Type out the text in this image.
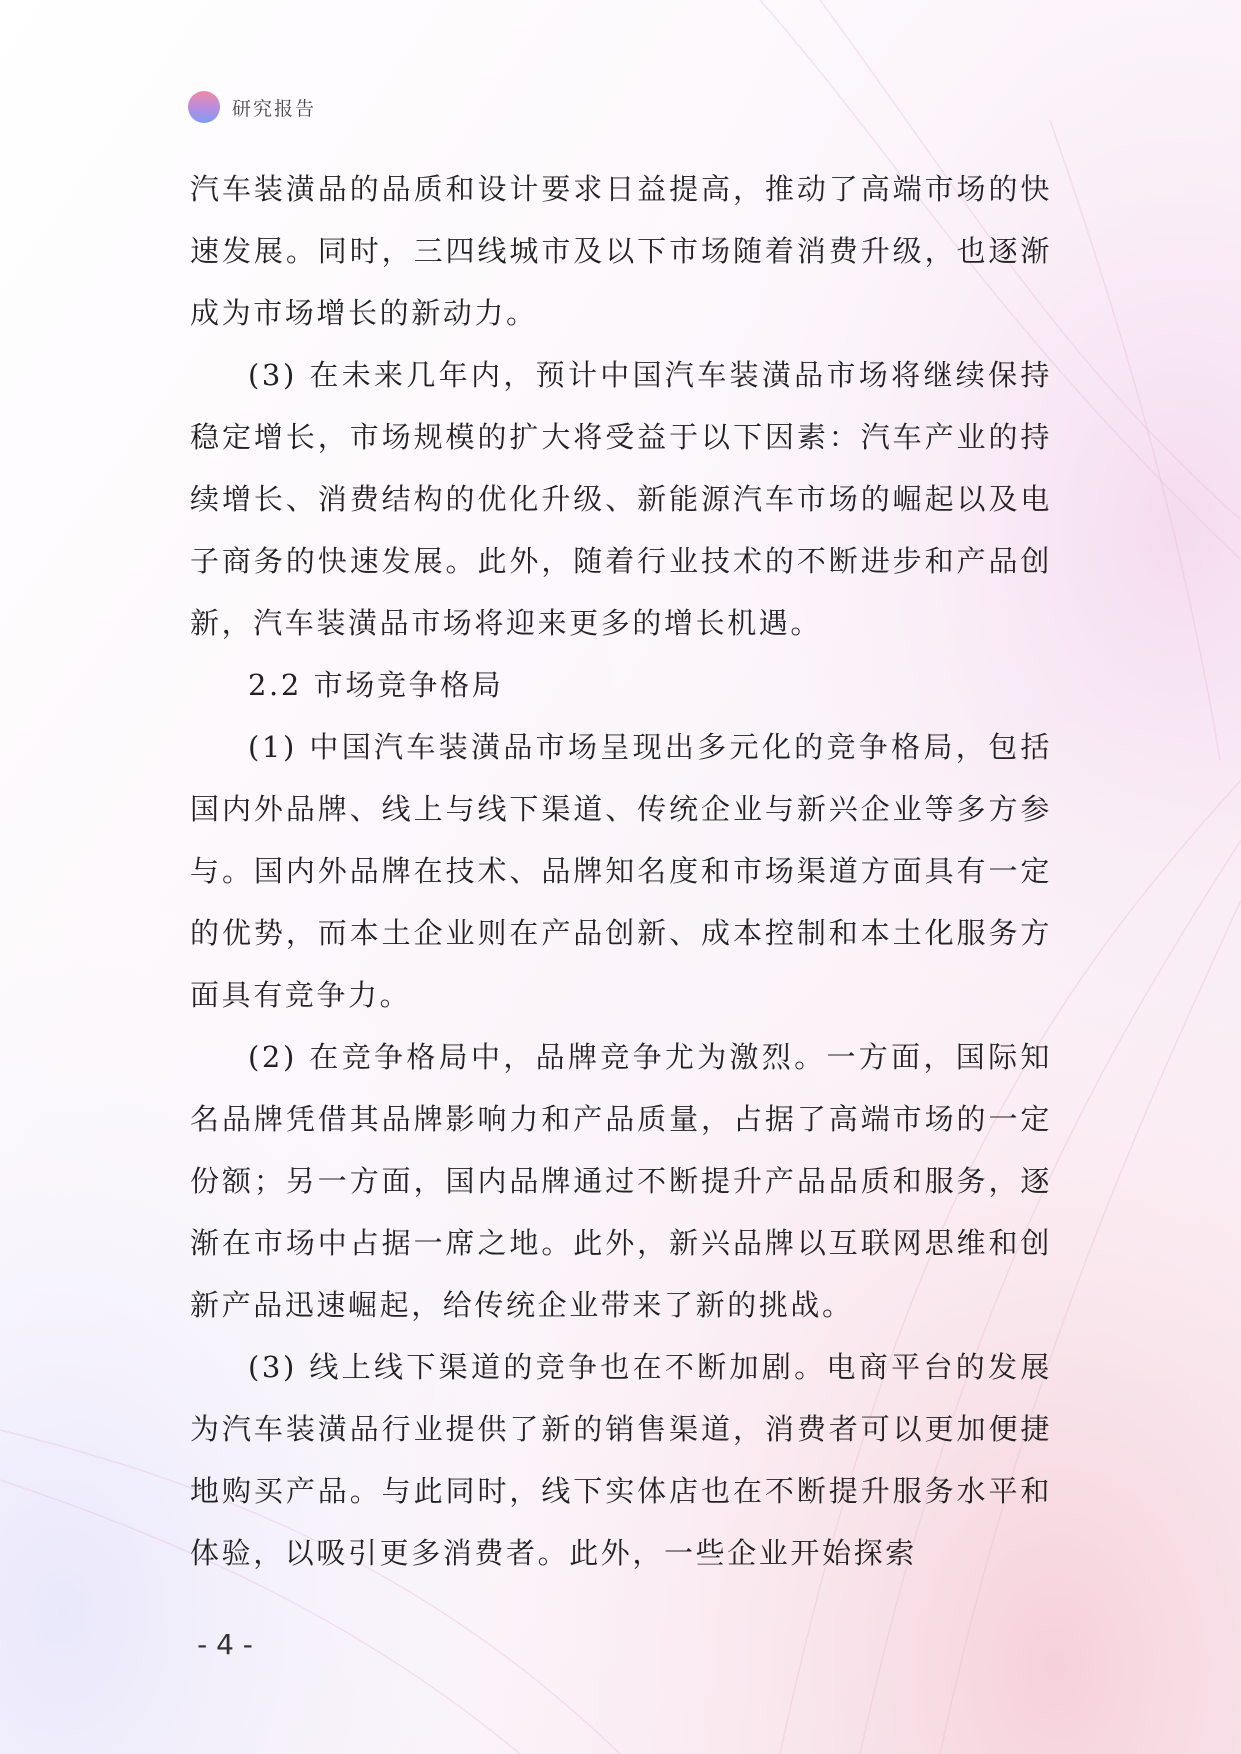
研究报告

汽车装潢品的品质和设计要求日益提高，推动了高端市场的快速发展。同时，三四线城市及以下市场随着消费升级，也逐渐成为市场增长的新动力。

(3) 在未来几年内，预计中国汽车装潢品市场将继续保持稳定增长，市场规模的扩大将受益于以下因素：汽车产业的持续增长、消费结构的优化升级、新能源汽车市场的崛起以及电子商务的快速发展。此外，随着行业技术的不断进步和产品创新，汽车装潢品市场将迎来更多的增长机遇。

2.2 市场竞争格局

(1) 中国汽车装潢品市场呈现出多元化的竞争格局，包括国内外品牌、线上与线下渠道、传统企业与新兴企业等多方参与。国内外品牌在技术、品牌知名度和市场渠道方面具有一定的优势，而本土企业则在产品创新、成本控制和本土化服务方面具有竞争力。

(2) 在竞争格局中，品牌竞争尤为激烈。一方面，国际知名品牌凭借其品牌影响力和产品质量，占据了高端市场的一定份额；另一方面，国内品牌通过不断提升产品品质和服务，逐渐在市场中占据一席之地。此外，新兴品牌以互联网思维和创新产品迅速崛起，给传统企业带来了新的挑战。

(3) 线上线下渠道的竞争也在不断加剧。电商平台的发展为汽车装潢品行业提供了新的销售渠道，消费者可以更加便捷地购买产品。与此同时，线下实体店也在不断提升服务水平和体验，以吸引更多消费者。此外，一些企业开始探索

- 4 -
